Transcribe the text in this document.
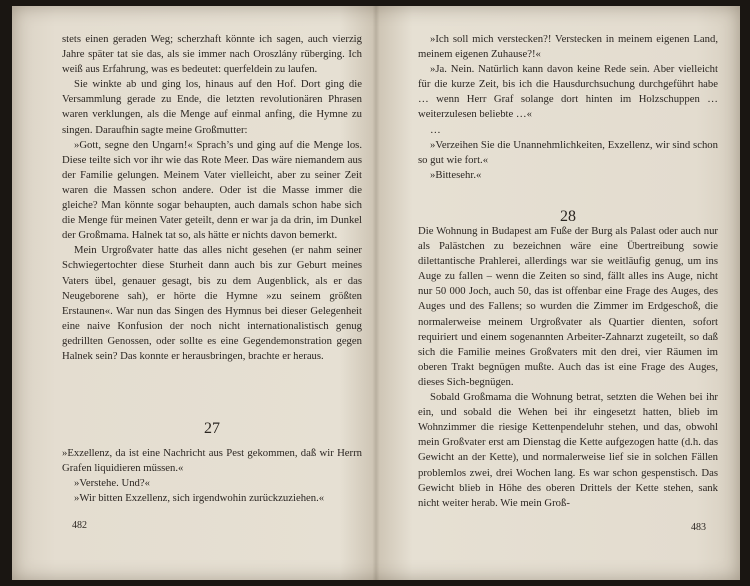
stets einen geraden Weg; scherzhaft könnte ich sagen, auch vierzig Jahre später tat sie das, als sie immer nach Oroszlány rüberging. Ich weiß aus Erfahrung, was es bedeutet: querfeldein zu laufen.

Sie winkte ab und ging los, hinaus auf den Hof. Dort ging die Versammlung gerade zu Ende, die letzten revolutionären Phrasen waren verklungen, als die Menge auf einmal anfing, die Hymne zu singen. Daraufhin sagte meine Großmutter:

»Gott, segne den Ungarn!« Sprach’s und ging auf die Menge los. Diese teilte sich vor ihr wie das Rote Meer. Das wäre niemandem aus der Familie gelungen. Meinem Vater vielleicht, aber zu seiner Zeit waren die Massen schon andere. Oder ist die Masse immer die gleiche? Man könnte sogar behaupten, auch damals schon habe sich die Menge für meinen Vater geteilt, denn er war ja da drin, im Dunkel der Großmama. Halnek tat so, als hätte er nichts davon bemerkt.

Mein Urgroßvater hatte das alles nicht gesehen (er nahm seiner Schwiegertochter diese Sturheit dann auch bis zur Geburt meines Vaters übel, genauer gesagt, bis zu dem Augenblick, als er das Neugeborene sah), er hörte die Hymne »zu seinem größten Erstaunen«. War nun das Singen des Hymnus bei dieser Gelegenheit eine naive Konfusion der noch nicht internationalistisch genug gedrillten Genossen, oder sollte es eine Gegendemonstration gegen Halnek sein? Das konnte er herausbringen, brachte er heraus.

27

»Exzellenz, da ist eine Nachricht aus Pest gekommen, daß wir Herrn Grafen liquidieren müssen.«

»Verstehe. Und?«

»Wir bitten Exzellenz, sich irgendwohin zurückzuziehen.«

482

»Ich soll mich verstecken?! Verstecken in meinem eigenen Land, meinem eigenen Zuhause?!«

»Ja. Nein. Natürlich kann davon keine Rede sein. Aber vielleicht für die kurze Zeit, bis ich die Hausdurchsuchung durchgeführt habe … wenn Herr Graf solange dort hinten im Holzschuppen … weiterzulesen beliebte …«

…

»Verzeihen Sie die Unannehmlichkeiten, Exzellenz, wir sind schon so gut wie fort.«

»Bittesehr.«

28

Die Wohnung in Budapest am Fuße der Burg als Palast oder auch nur als Palästchen zu bezeichnen wäre eine Übertreibung sowie dilettantische Prahlerei, allerdings war sie weitläufig genug, um ins Auge zu fallen – wenn die Zeiten so sind, fällt alles ins Auge, nicht nur 50 000 Joch, auch 50, das ist offenbar eine Frage des Auges, des Auges und des Fallens; so wurden die Zimmer im Erdgeschoß, die normalerweise meinem Urgroßvater als Quartier dienten, sofort requiriert und einem sogenannten Arbeiter-Zahnarzt zugeteilt, so daß sich die Familie meines Großvaters mit den drei, vier Räumen im oberen Trakt begnügen mußte. Auch das ist eine Frage des Auges, dieses Sich-begnügen.

Sobald Großmama die Wohnung betrat, setzten die Wehen bei ihr ein, und sobald die Wehen bei ihr eingesetzt hatten, blieb im Wohnzimmer die riesige Kettenpendeluhr stehen, und das, obwohl mein Großvater erst am Dienstag die Kette aufgezogen hatte (d.h. das Gewicht an der Kette), und normalerweise lief sie in solchen Fällen problemlos zwei, drei Wochen lang. Es war schon gespenstisch. Das Gewicht blieb in Höhe des oberen Drittels der Kette stehen, sank nicht weiter herab. Wie mein Groß-

483
